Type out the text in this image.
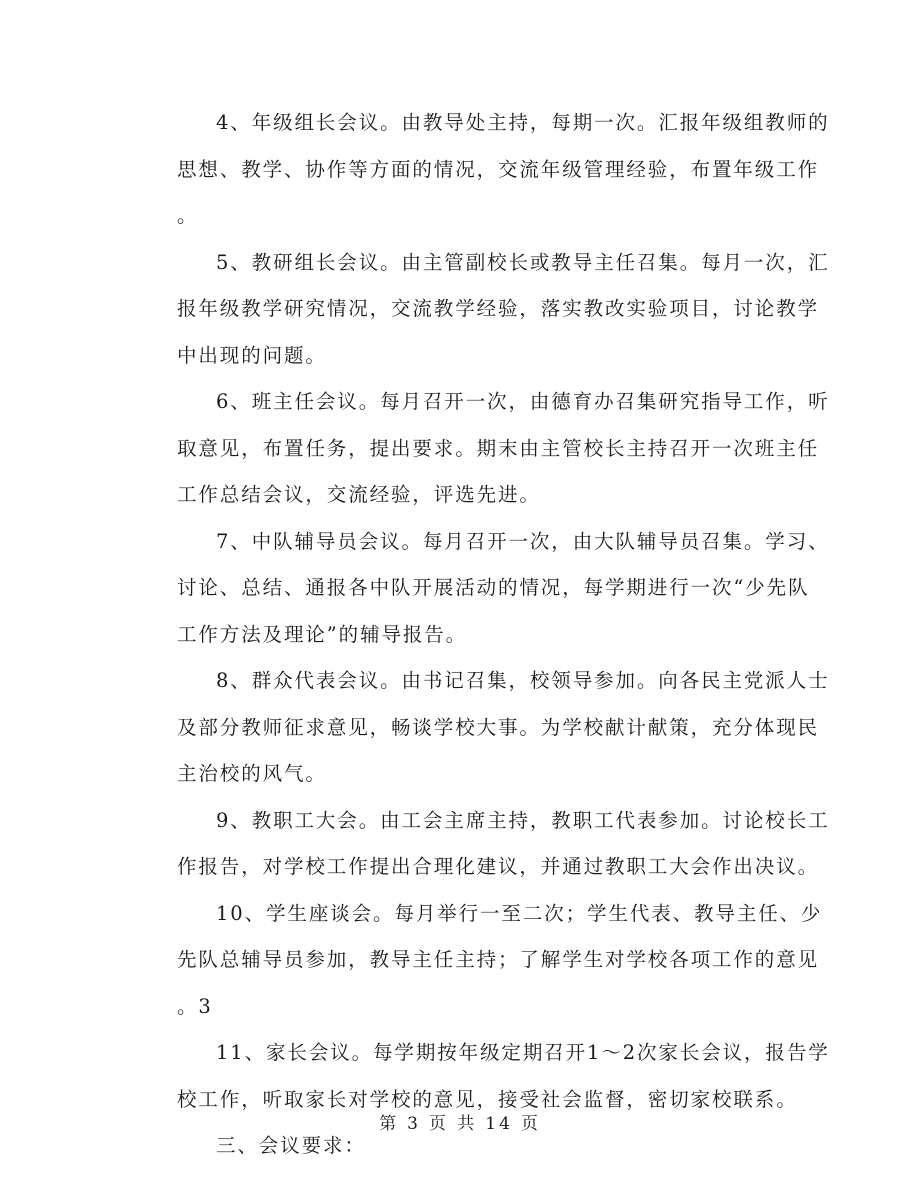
4、年级组长会议。由教导处主持，每期一次。汇报年级组教师的
思想、教学、协作等方面的情况，交流年级管理经验，布置年级工作
。
5、教研组长会议。由主管副校长或教导主任召集。每月一次，汇
报年级教学研究情况，交流教学经验，落实教改实验项目，讨论教学
中出现的问题。
6、班主任会议。每月召开一次，由德育办召集研究指导工作，听
取意见，布置任务，提出要求。期末由主管校长主持召开一次班主任
工作总结会议，交流经验，评选先进。
7、中队辅导员会议。每月召开一次，由大队辅导员召集。学习、
讨论、总结、通报各中队开展活动的情况，每学期进行一次“少先队
工作方法及理论”的辅导报告。
8、群众代表会议。由书记召集，校领导参加。向各民主党派人士
及部分教师征求意见，畅谈学校大事。为学校献计献策，充分体现民
主治校的风气。
9、教职工大会。由工会主席主持，教职工代表参加。讨论校长工
作报告，对学校工作提出合理化建议，并通过教职工大会作出决议。
10、学生座谈会。每月举行一至二次；学生代表、教导主任、少
先队总辅导员参加，教导主任主持；了解学生对学校各项工作的意见
。3
11、家长会议。每学期按年级定期召开1～2次家长会议，报告学
校工作，听取家长对学校的意见，接受社会监督，密切家校联系。
三、会议要求：
第 3 页 共 14 页
